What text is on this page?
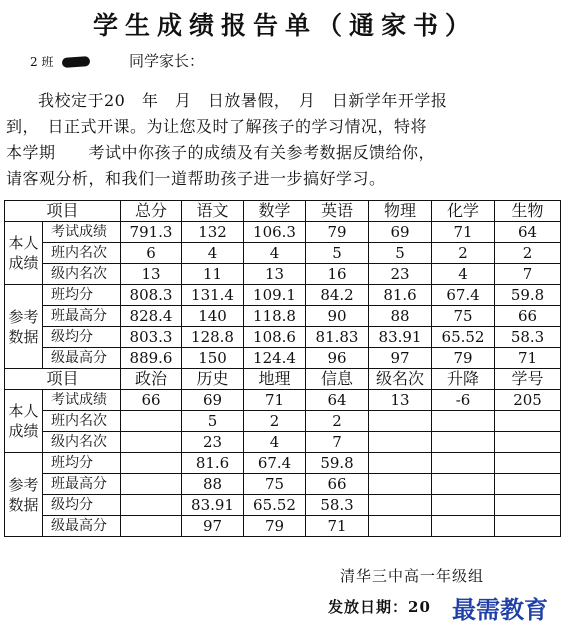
学生成绩报告单（通家书）
2 班	同学家长：

我校定于20　年　月　日放暑假，　月　日新学年开学报

到，　日正式开课。为让您及时了解孩子的学习情况，特将

本学期　　考试中你孩子的成绩及有关参考数据反馈给你，

请客观分析，和我们一道帮助孩子进一步搞好学习。

项目		总分	语文	数学	英语	物理	化学	生物
本人成绩	考试成绩	791.3	132	106.3	79	69	71	64
	班内名次	6	4	4	5	5	2	2
	级内名次	13	11	13	16	23	4	7
参考数据	班均分	808.3	131.4	109.1	84.2	81.6	67.4	59.8
	班最高分	828.4	140	118.8	90	88	75	66
	级均分	803.3	128.8	108.6	81.83	83.91	65.52	58.3
	级最高分	889.6	150	124.4	96	97	79	71
项目		政治	历史	地理	信息	级名次	升降	学号
本人成绩	考试成绩	66	69	71	64	13	-6	205
	班内名次		5	2	2			
	级内名次		23	4	7			
参考数据	班均分		81.6	67.4	59.8			
	班最高分		88	75	66			
	级均分		83.91	65.52	58.3			
	级最高分		97	79	71			
清华三中高一年级组
发放日期：20 最需教育
